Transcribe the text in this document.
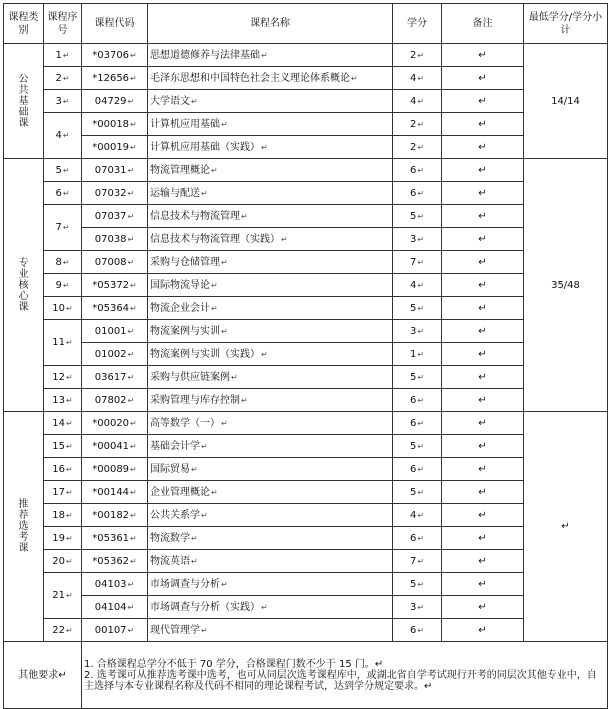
课程类别	课程序号	课程代码	课程名称	学分	备注	最低学分/学分小计

公
共
基
础
课	1 ↵	*03706 ↵	思想道德修养与法律基础 ↵	2 ↵	↵	14/14
	2 ↵	*12656 ↵	毛泽东思想和中国特色社会主义理论体系概论 ↵	4 ↵	↵	
	3 ↵	04729 ↵	大学语文 ↵	4 ↵	↵	
	4 ↵	*00018 ↵	计算机应用基础 ↵	2 ↵	↵	
		*00019 ↵	计算机应用基础（实践） ↵	2 ↵	↵	

专
业
核
心
课	5 ↵	07031 ↵	物流管理概论 ↵	6 ↵	↵	35/48
	6 ↵	07032 ↵	运输与配送 ↵	6 ↵	↵	
	7 ↵	07037 ↵	信息技术与物流管理 ↵	5 ↵	↵	
		07038 ↵	信息技术与物流管理（实践） ↵	3 ↵	↵	
	8 ↵	07008 ↵	采购与仓储管理 ↵	7 ↵	↵	
	9 ↵	*05372 ↵	国际物流导论 ↵	4 ↵	↵	
	10 ↵	*05364 ↵	物流企业会计 ↵	5 ↵	↵	
	11 ↵	01001 ↵	物流案例与实训 ↵	3 ↵	↵	
		01002 ↵	物流案例与实训（实践） ↵	1 ↵	↵	
	12 ↵	03617 ↵	采购与供应链案例 ↵	5 ↵	↵	
	13 ↵	07802 ↵	采购管理与库存控制 ↵	6 ↵	↵	

推
荐
选
考
课	14 ↵	*00020 ↵	高等数学（一） ↵	6 ↵	↵	↵
	15 ↵	*00041 ↵	基础会计学 ↵	5 ↵	↵	
	16 ↵	*00089 ↵	国际贸易 ↵	6 ↵	↵	
	17 ↵	*00144 ↵	企业管理概论 ↵	5 ↵	↵	
	18 ↵	*00182 ↵	公共关系学 ↵	4 ↵	↵	
	19 ↵	*05361 ↵	物流数学 ↵	6 ↵	↵	
	20 ↵	*05362 ↵	物流英语 ↵	7 ↵	↵	
	21 ↵	04103 ↵	市场调查与分析 ↵	5 ↵	↵	
		04104 ↵	市场调查与分析（实践） ↵	3 ↵	↵	
	22 ↵	00107 ↵	现代管理学 ↵	6 ↵	↵	
其他要求↵		1. 合格课程总学分不低于 70 学分，合格课程门数不少于 15 门。↵
2. 选考课可从推荐选考课中选考，也可从同层次选考课程库中，或湖北省自学考试现行开考的同层次其他专业中，自主选择与本专业课程名称及代码不相同的理论课程考试，达到学分规定要求。↵				
